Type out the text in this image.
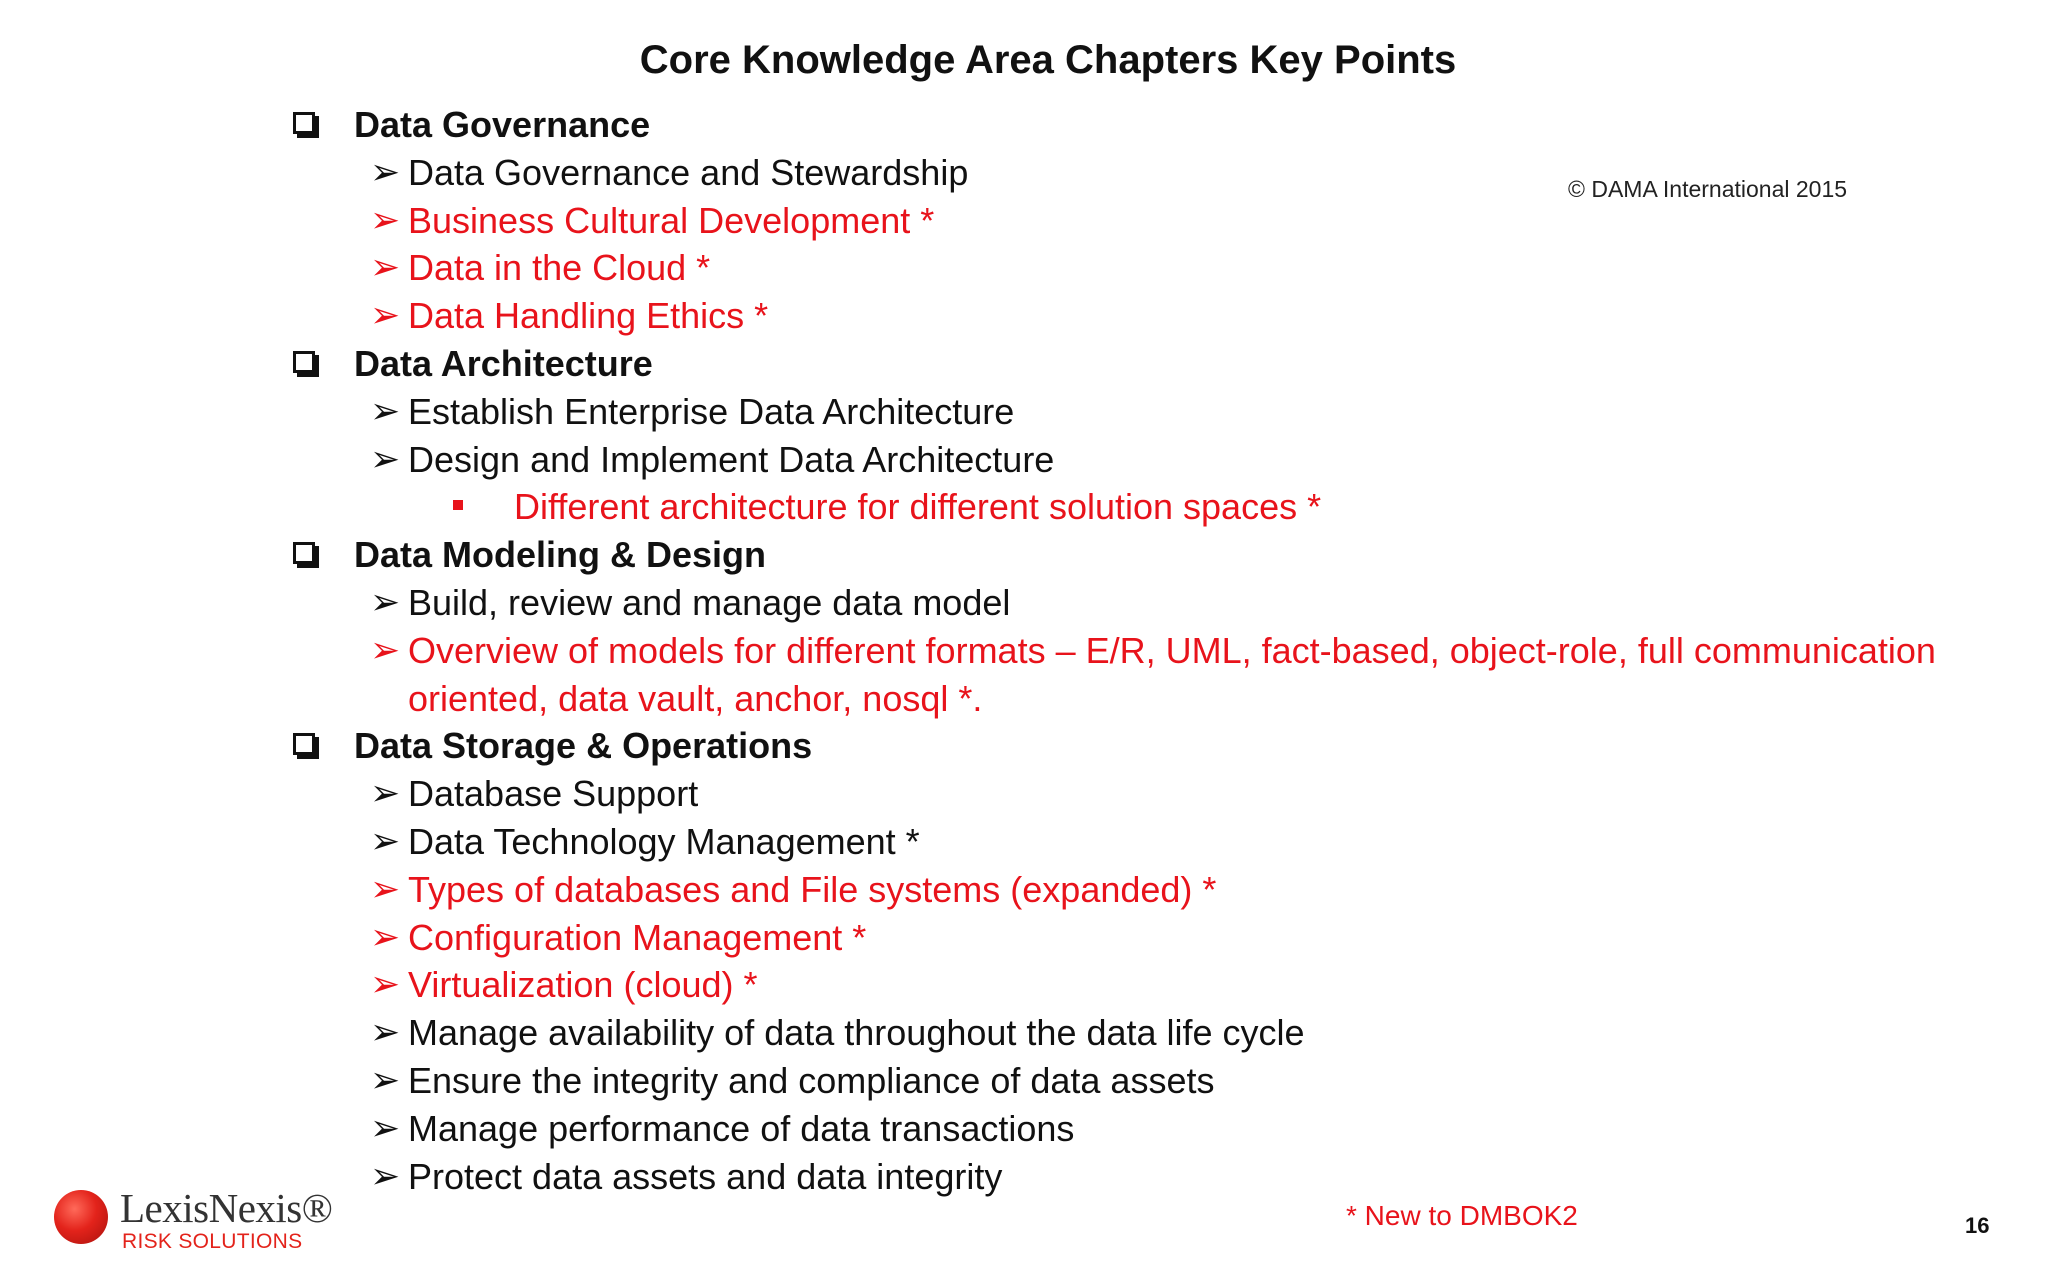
Core Knowledge Area Chapters Key Points
© DAMA International 2015
Data Governance
➢ Data Governance and Stewardship
➢ Business Cultural Development *
➢ Data in the Cloud *
➢ Data Handling Ethics *
Data Architecture
➢ Establish Enterprise Data Architecture
➢ Design and Implement Data Architecture
Different architecture for different solution spaces *
Data Modeling & Design
➢ Build, review and manage data model
➢ Overview of models for different formats – E/R, UML, fact-based, object-role, full communication oriented, data vault, anchor, nosql *.
Data Storage & Operations
➢ Database Support
➢ Data Technology Management *
➢ Types of databases and File systems (expanded) *
➢ Configuration Management *
➢ Virtualization (cloud) *
➢ Manage availability of data throughout the data life cycle
➢ Ensure the integrity and compliance of data assets
➢ Manage performance of data transactions
➢ Protect data assets and data integrity
LexisNexis®
RISK SOLUTIONS
* New to DMBOK2	16
